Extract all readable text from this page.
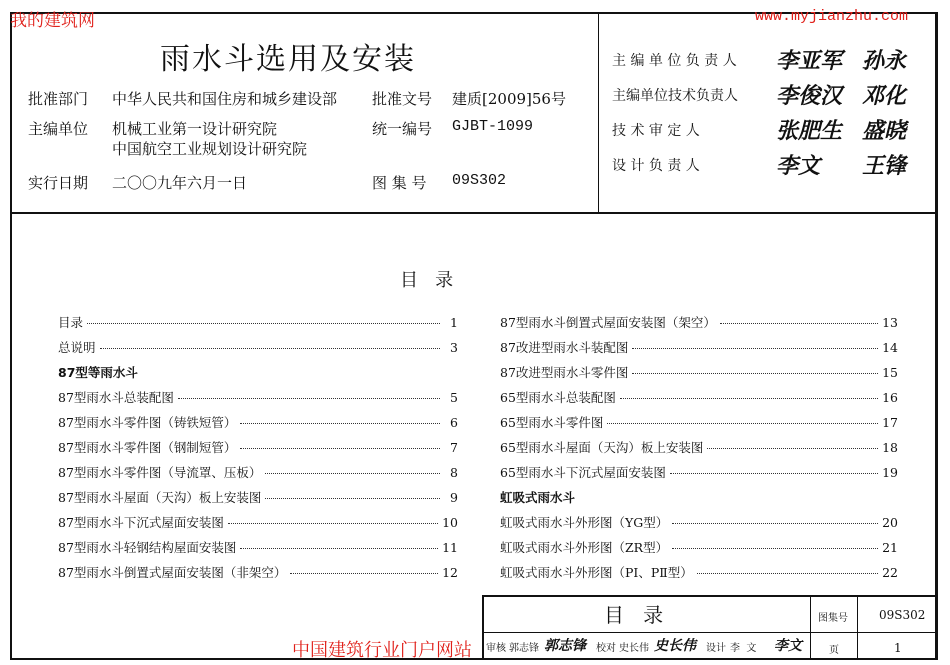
我的建筑网	www.myjianzhu.com
雨水斗选用及安装
批准部门 中华人民共和国住房和城乡建设部 批准文号 建质[2009]56号
主编单位 机械工业第一设计研究院
中国航空工业规划设计研究院
统一编号 GJBT-1099
实行日期 二〇〇九年六月一日	图 集 号 09S302
主 编 单 位 负 责 人 李亚军 孙永
主编单位技术负责人 李俊汉 邓化
技 术 审 定 人	张肥生 盛晓
设 计 负 责 人	李文 王锋
目   录
目录	1
总说明	3
87型等雨水斗
87型雨水斗总装配图	5
87型雨水斗零件图（铸铁短管）	6
87型雨水斗零件图（钢制短管）	7
87型雨水斗零件图（导流罩、压板）	8
87型雨水斗屋面（天沟）板上安装图	9
87型雨水斗下沉式屋面安装图	10
87型雨水斗轻钢结构屋面安装图	11
87型雨水斗倒置式屋面安装图（非架空）	12
87型雨水斗倒置式屋面安装图（架空）	13
87改进型雨水斗装配图	14
87改进型雨水斗零件图	15
65型雨水斗总装配图	16
65型雨水斗零件图	17
65型雨水斗屋面（天沟）板上安装图	18
65型雨水斗下沉式屋面安装图	19
虹吸式雨水斗
虹吸式雨水斗外形图（YG型）	20
虹吸式雨水斗外形图（ZR型）	21
虹吸式雨水斗外形图（PⅠ、PⅡ型）	22
目   录	图集号	09S302
页	1
审核 郭志锋 郭志锋 校对 史长伟 史长伟 设计 李  文 李文
中国建筑行业门户网站
